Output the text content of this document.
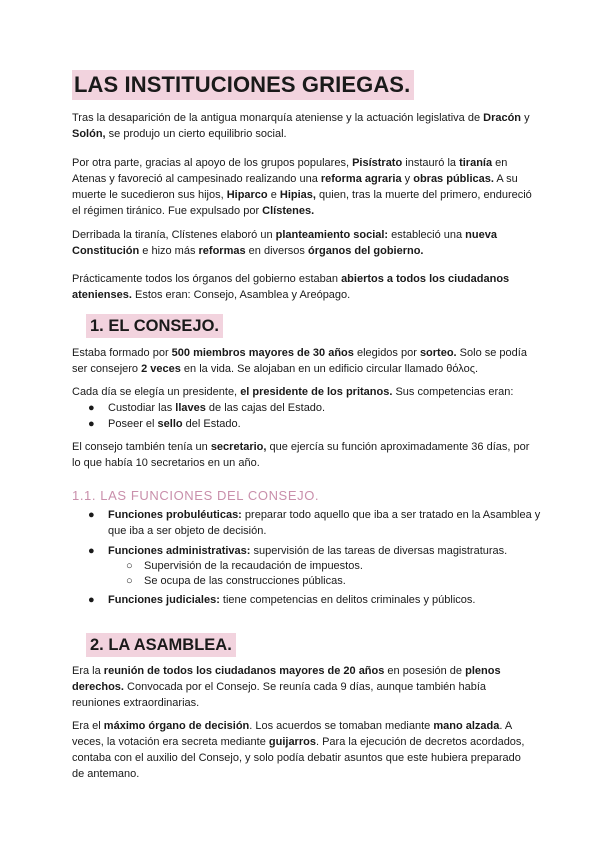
LAS INSTITUCIONES GRIEGAS.

Tras la desaparición de la antigua monarquía ateniense y la actuación legislativa de Dracón y Solón, se produjo un cierto equilibrio social.

Por otra parte, gracias al apoyo de los grupos populares, Pisístrato instauró la tiranía en Atenas y favoreció al campesinado realizando una reforma agraria y obras públicas. A su muerte le sucedieron sus hijos, Hiparco e Hipias, quien, tras la muerte del primero, endureció el régimen tiránico. Fue expulsado por Clístenes.

Derribada la tiranía, Clístenes elaboró un planteamiento social: estableció una nueva Constitución e hizo más reformas en diversos órganos del gobierno.

Prácticamente todos los órganos del gobierno estaban abiertos a todos los ciudadanos atenienses. Estos eran: Consejo, Asamblea y Areópago.

1. EL CONSEJO.

Estaba formado por 500 miembros mayores de 30 años elegidos por sorteo. Solo se podía ser consejero 2 veces en la vida. Se alojaban en un edificio circular llamado θόλος.

Cada día se elegía un presidente, el presidente de los pritanos. Sus competencias eran:

● Custodiar las llaves de las cajas del Estado.
● Poseer el sello del Estado.

El consejo también tenía un secretario, que ejercía su función aproximadamente 36 días, por lo que había 10 secretarios en un año.

1.1. LAS FUNCIONES DEL CONSEJO.
● Funciones probuléuticas: preparar todo aquello que iba a ser tratado en la Asamblea y que iba a ser objeto de decisión.
● Funciones administrativas: supervisión de las tareas de diversas magistraturas.
○ Supervisión de la recaudación de impuestos.
○ Se ocupa de las construcciones públicas.
● Funciones judiciales: tiene competencias en delitos criminales y públicos.
2. LA ASAMBLEA.

Era la reunión de todos los ciudadanos mayores de 20 años en posesión de plenos derechos. Convocada por el Consejo. Se reunía cada 9 días, aunque también había reuniones extraordinarias.

Era el máximo órgano de decisión. Los acuerdos se tomaban mediante mano alzada. A veces, la votación era secreta mediante guijarros. Para la ejecución de decretos acordados, contaba con el auxilio del Consejo, y solo podía debatir asuntos que este hubiera preparado de antemano.
